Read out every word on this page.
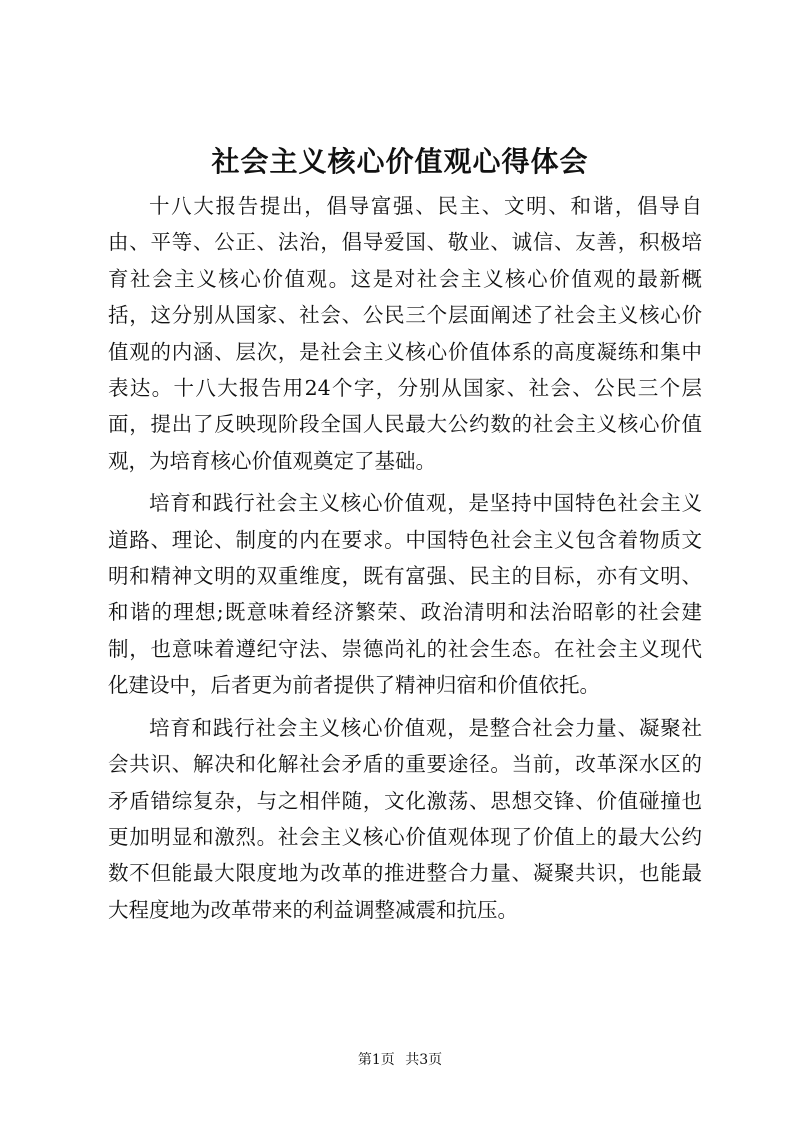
社会主义核心价值观心得体会

十八大报告提出，倡导富强、民主、文明、和谐，倡导自由、平等、公正、法治，倡导爱国、敬业、诚信、友善，积极培育社会主义核心价值观。这是对社会主义核心价值观的最新概括，这分别从国家、社会、公民三个层面阐述了社会主义核心价值观的内涵、层次，是社会主义核心价值体系的高度凝练和集中表达。十八大报告用24个字，分别从国家、社会、公民三个层面，提出了反映现阶段全国人民最大公约数的社会主义核心价值观，为培育核心价值观奠定了基础。

培育和践行社会主义核心价值观，是坚持中国特色社会主义道路、理论、制度的内在要求。中国特色社会主义包含着物质文明和精神文明的双重维度，既有富强、民主的目标，亦有文明、和谐的理想;既意味着经济繁荣、政治清明和法治昭彰的社会建制，也意味着遵纪守法、崇德尚礼的社会生态。在社会主义现代化建设中，后者更为前者提供了精神归宿和价值依托。

培育和践行社会主义核心价值观，是整合社会力量、凝聚社会共识、解决和化解社会矛盾的重要途径。当前，改革深水区的矛盾错综复杂，与之相伴随，文化激荡、思想交锋、价值碰撞也更加明显和激烈。社会主义核心价值观体现了价值上的最大公约数不但能最大限度地为改革的推进整合力量、凝聚共识，也能最大程度地为改革带来的利益调整减震和抗压。

第1页 共3页
